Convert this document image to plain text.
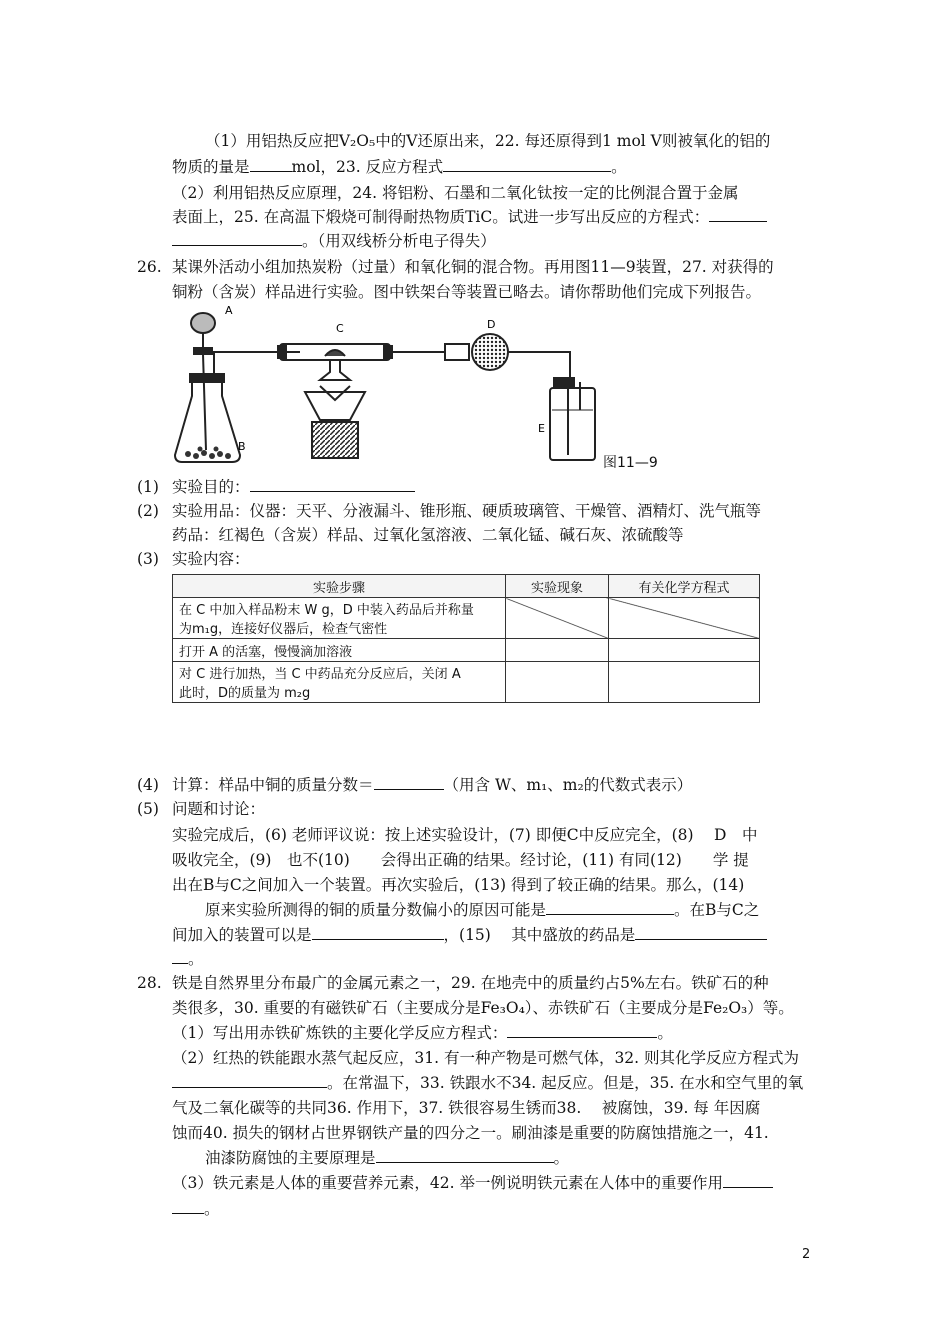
（1）用铝热反应把V₂O₅中的V还原出来，22. 每还原得到1 mol V则被氧化的铝的
物质的量是	mol，23. 反应方程式	。
（2）利用铝热反应原理，24. 将铝粉、石墨和二氧化钛按一定的比例混合置于金属
表面上，25. 在高温下煅烧可制得耐热物质TiC。试进一步写出反应的方程式：
。（用双线桥分析电子得失）
26. 某课外活动小组加热炭粉（过量）和氧化铜的混合物。再用图11—9装置，27. 对获得的
铜粉（含炭）样品进行实验。图中铁架台等装置已略去。请你帮助他们完成下列报告。
A
B
C	D
E
图11—9
(1) 实验目的：
(2) 实验用品：仪器：天平、分液漏斗、锥形瓶、硬质玻璃管、干燥管、酒精灯、洗气瓶等
药品：红褐色（含炭）样品、过氧化氢溶液、二氧化锰、碱石灰、浓硫酸等
(3) 实验内容：
实验步骤	实验现象	有关化学方程式

在 C 中加入样品粉末 W g，D 中装入药品后并称量
为m₁g，连接好仪器后，检查气密性		

打开 A 的活塞，慢慢滴加溶液		

对 C 进行加热，当 C 中药品充分反应后，关闭 A
此时，D的质量为 m₂g		

(4) 计算：样品中铜的质量分数＝	（用含 W、m₁、m₂的代数式表示）
(5) 问题和讨论：
实验完成后，(6) 老师评议说：按上述实验设计，(7) 即便C中反应完全，(8)　 D　中
吸收完全，(9)　也不(10)　　会得出正确的结果。经讨论，(11) 有同(12)　　学 提
出在B与C之间加入一个装置。再次实验后，(13) 得到了较正确的结果。那么，(14)
原来实验所测得的铜的质量分数偏小的原因可能是	。在B与C之
间加入的装置可以是	，(15)　 其中盛放的药品是
。
28. 铁是自然界里分布最广的金属元素之一，29. 在地壳中的质量约占5%左右。铁矿石的种
类很多，30. 重要的有磁铁矿石（主要成分是Fe₃O₄）、赤铁矿石（主要成分是Fe₂O₃）等。
（1）写出用赤铁矿炼铁的主要化学反应方程式：	。
（2）红热的铁能跟水蒸气起反应，31. 有一种产物是可燃气体，32. 则其化学反应方程式为
。在常温下，33. 铁跟水不34. 起反应。但是，35. 在水和空气里的氧
气及二氧化碳等的共同36. 作用下，37. 铁很容易生锈而38.　 被腐蚀，39. 每 年因腐
蚀而40. 损失的钢材占世界钢铁产量的四分之一。刷油漆是重要的防腐蚀措施之一，41.
油漆防腐蚀的主要原理是	。
（3）铁元素是人体的重要营养元素，42. 举一例说明铁元素在人体中的重要作用
。
2
